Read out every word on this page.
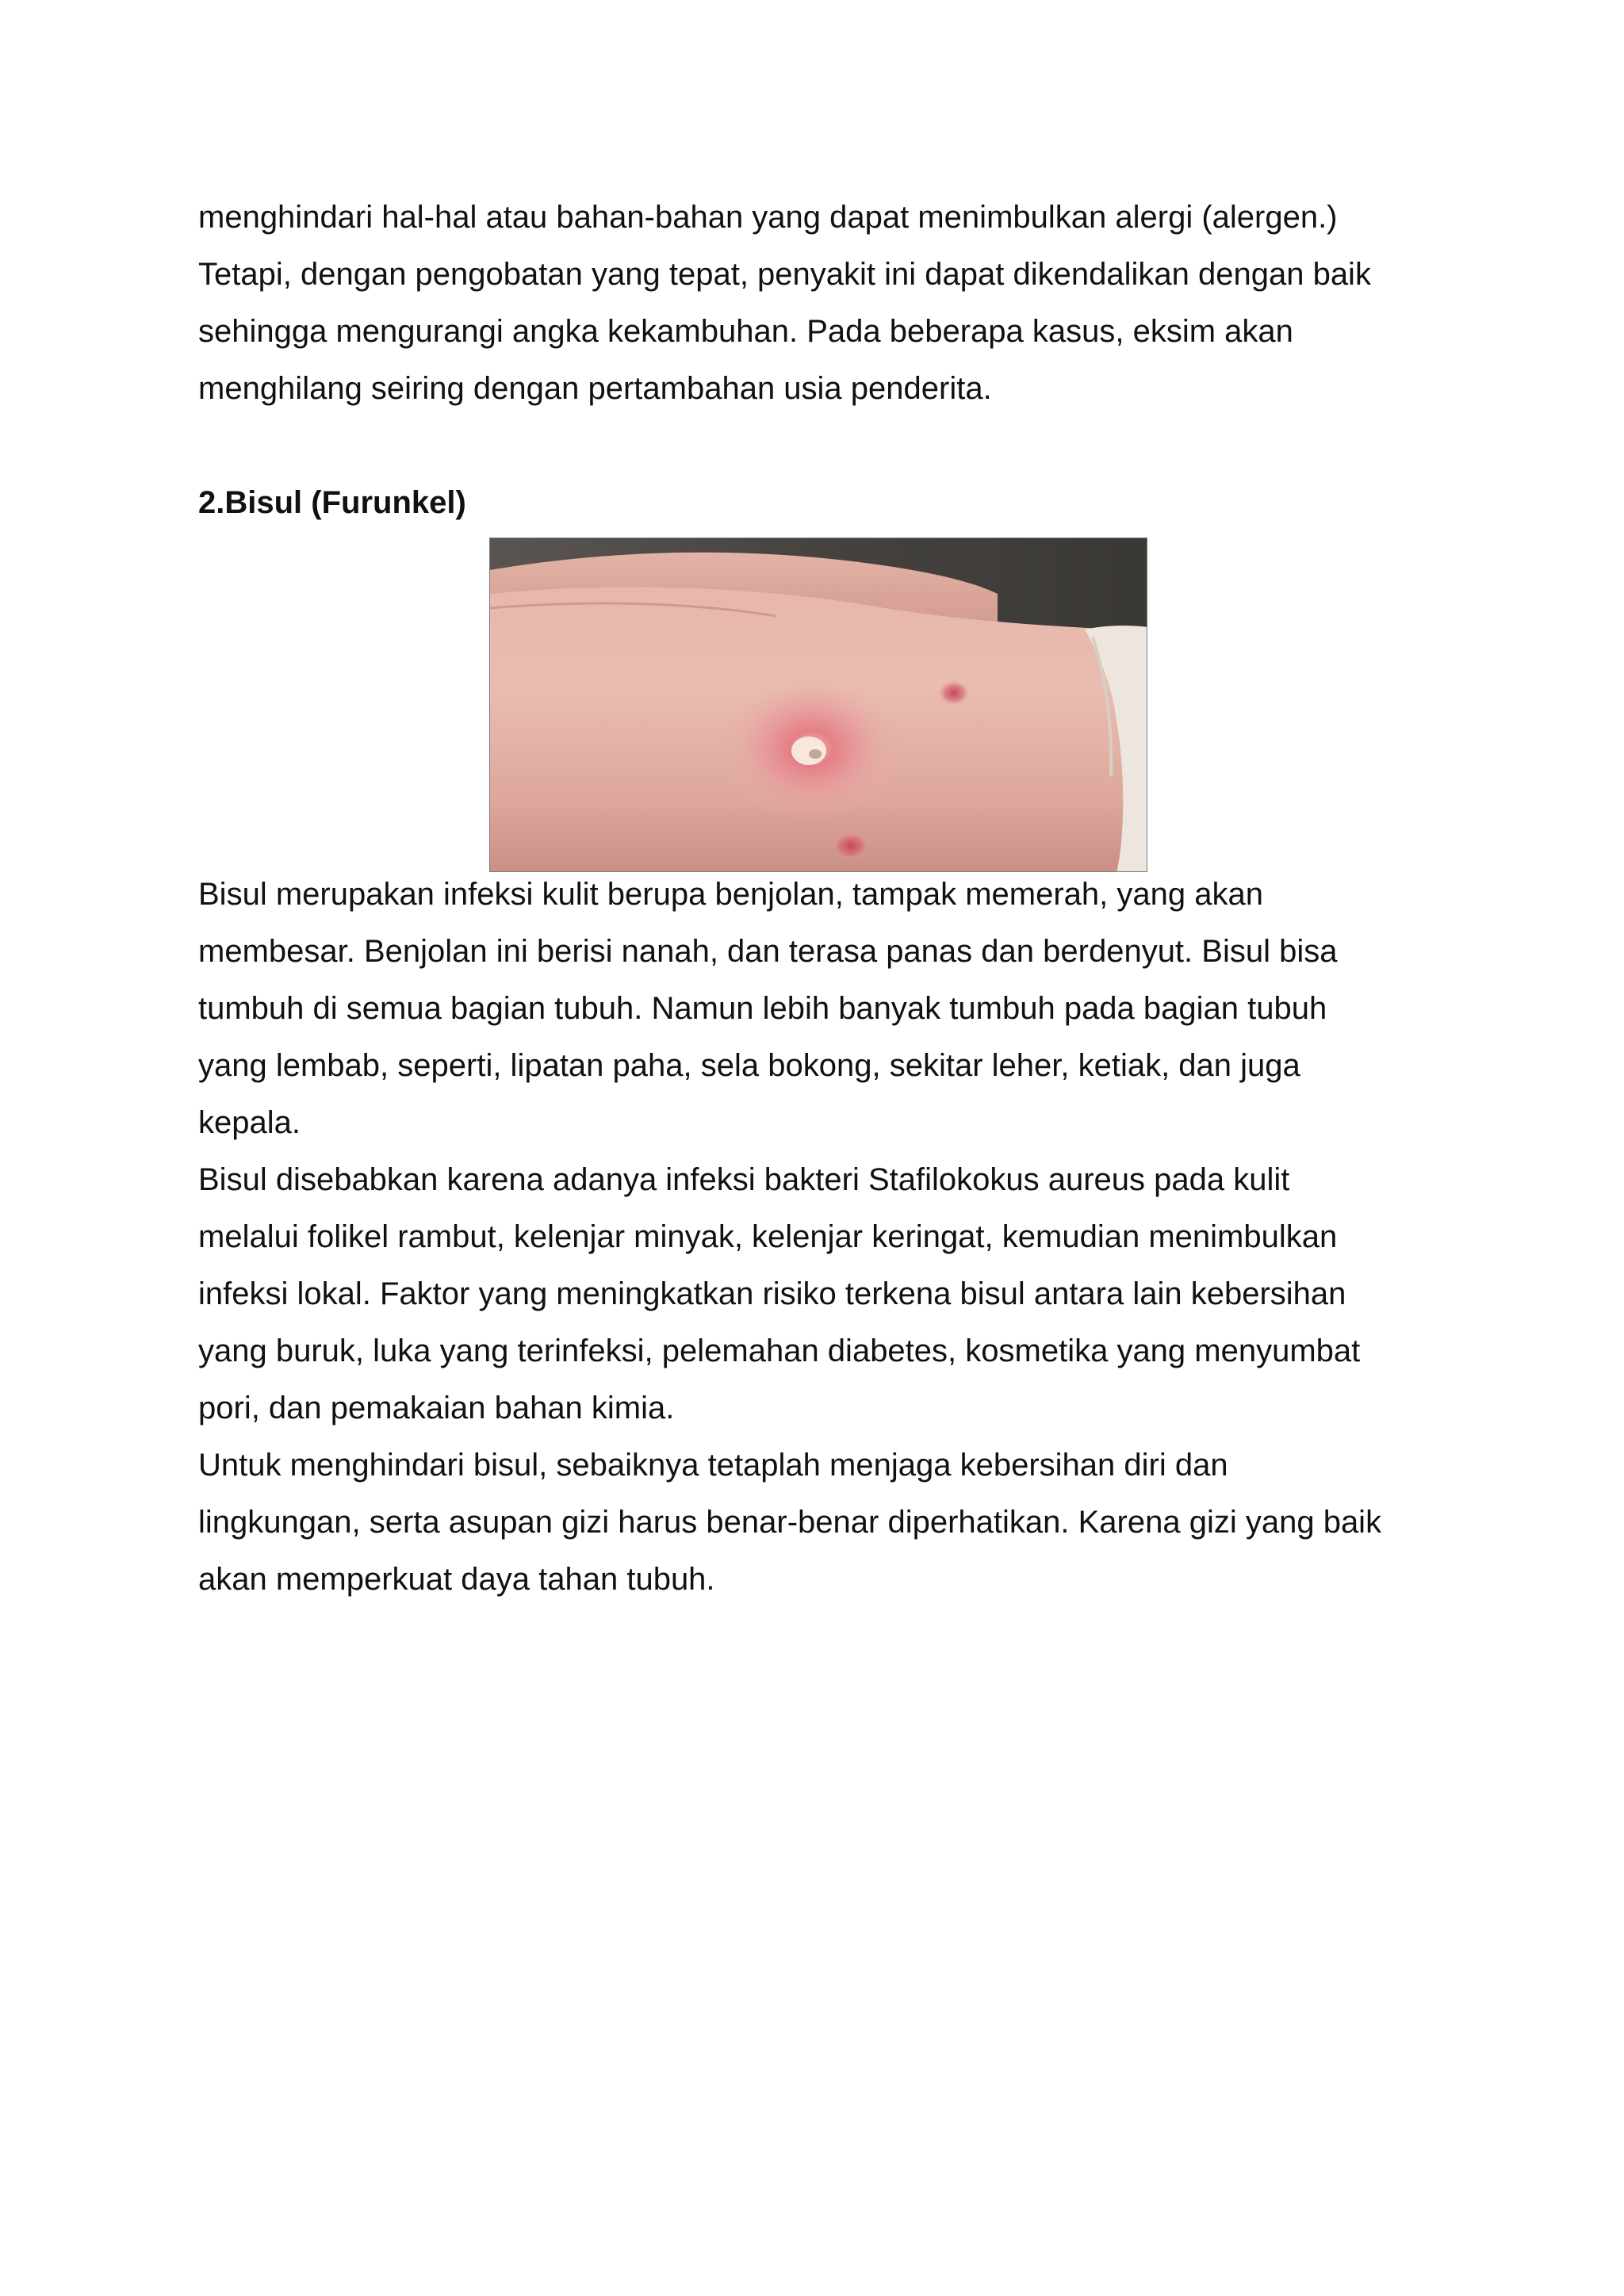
menghindari hal-hal atau bahan-bahan yang dapat menimbulkan alergi (alergen.)

Tetapi, dengan pengobatan yang tepat, penyakit ini dapat dikendalikan dengan baik

sehingga mengurangi angka kekambuhan. Pada beberapa kasus, eksim akan

menghilang seiring dengan pertambahan usia penderita.

2.Bisul (Furunkel)

Bisul merupakan infeksi kulit berupa benjolan, tampak memerah, yang akan

membesar. Benjolan ini berisi nanah, dan terasa panas dan berdenyut. Bisul bisa

tumbuh di semua bagian tubuh. Namun lebih banyak tumbuh pada bagian tubuh

yang lembab, seperti, lipatan paha, sela bokong, sekitar leher, ketiak, dan juga

kepala.

Bisul disebabkan karena adanya infeksi bakteri Stafilokokus aureus pada kulit

melalui folikel rambut, kelenjar minyak, kelenjar keringat, kemudian menimbulkan

infeksi lokal. Faktor yang meningkatkan risiko terkena bisul antara lain kebersihan

yang buruk, luka yang terinfeksi, pelemahan diabetes, kosmetika yang menyumbat

pori, dan pemakaian bahan kimia.

Untuk menghindari bisul, sebaiknya tetaplah menjaga kebersihan diri dan

lingkungan, serta asupan gizi harus benar-benar diperhatikan. Karena gizi yang baik

akan memperkuat daya tahan tubuh.
